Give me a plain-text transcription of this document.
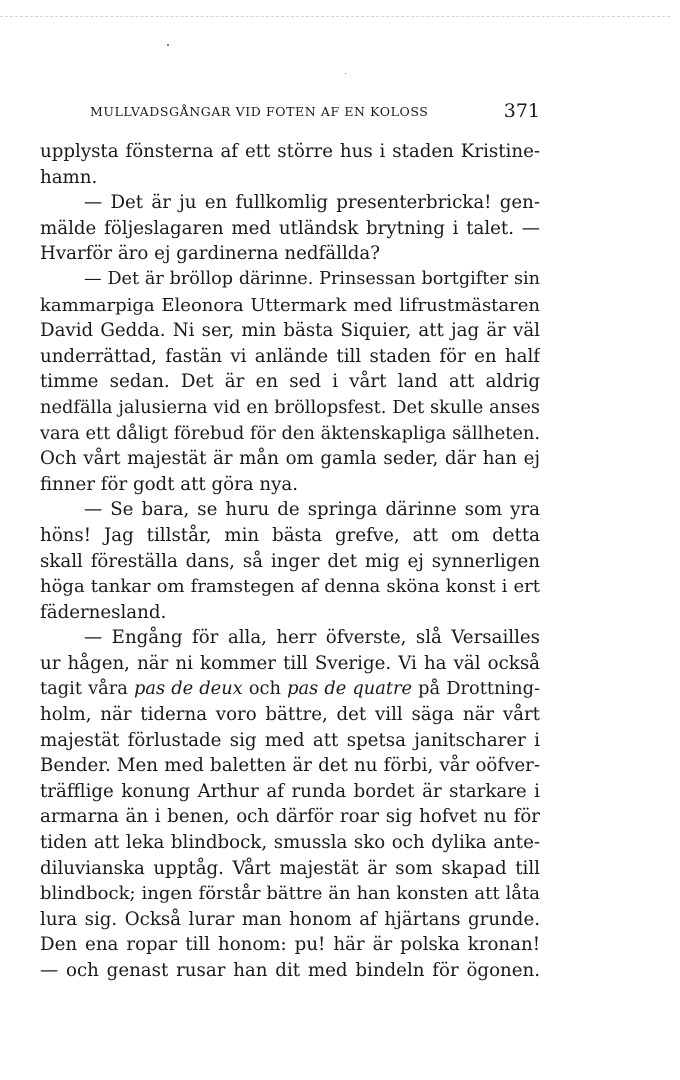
MULLVADSGÅNGAR VID FOTEN AF EN KOLOSS	371
upplysta fönsterna af ett större hus i staden Kristine-
hamn.
— Det är ju en fullkomlig presenterbricka! gen-
mälde följeslagaren med utländsk brytning i talet. —
Hvarför äro ej gardinerna nedfällda?
— Det är bröllop därinne. Prinsessan bortgifter sin
kammarpiga Eleonora Uttermark med lifrustmästaren
David Gedda. Ni ser, min bästa Siquier, att jag är väl
underrättad, fastän vi anlände till staden för en half
timme sedan. Det är en sed i vårt land att aldrig
nedfälla jalusierna vid en bröllopsfest. Det skulle anses
vara ett dåligt förebud för den äktenskapliga sällheten.
Och vårt majestät är mån om gamla seder, där han ej
finner för godt att göra nya.
— Se bara, se huru de springa därinne som yra
höns! Jag tillstår, min bästa grefve, att om detta
skall föreställa dans, så inger det mig ej synnerligen
höga tankar om framstegen af denna sköna konst i ert
fädernesland.
— Engång för alla, herr öfverste, slå Versailles
ur hågen, när ni kommer till Sverige. Vi ha väl också
tagit våra pas de deux och pas de quatre på Drottning-
holm, när tiderna voro bättre, det vill säga när vårt
majestät förlustade sig med att spetsa janitscharer i
Bender. Men med baletten är det nu förbi, vår oöfver-
träfflige konung Arthur af runda bordet är starkare i
armarna än i benen, och därför roar sig hofvet nu för
tiden att leka blindbock, smussla sko och dylika ante-
diluvianska upptåg. Vårt majestät är som skapad till
blindbock; ingen förstår bättre än han konsten att låta
lura sig. Också lurar man honom af hjärtans grunde.
Den ena ropar till honom: pu! här är polska kronan!
— och genast rusar han dit med bindeln för ögonen.
